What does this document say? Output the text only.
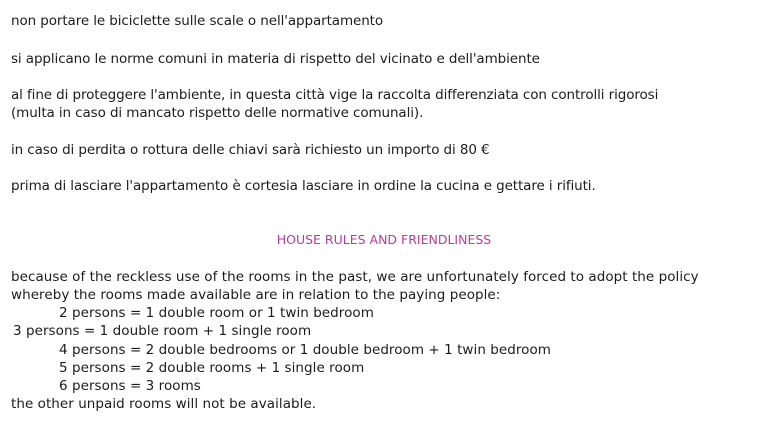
non portare le biciclette sulle scale o nell'appartamento
si applicano le norme comuni in materia di rispetto del vicinato e dell'ambiente
al fine di proteggere l'ambiente, in questa città vige la raccolta differenziata con controlli rigorosi
(multa in caso di mancato rispetto delle normative comunali).
in caso di perdita o rottura delle chiavi sarà richiesto un importo di 80 €
prima di lasciare l'appartamento è cortesia lasciare in ordine la cucina e gettare i rifiuti.
HOUSE RULES AND FRIENDLINESS
because of the reckless use of the rooms in the past, we are unfortunately forced to adopt the policy
whereby the rooms made available are in relation to the paying people:
2 persons = 1 double room or 1 twin bedroom
3 persons = 1 double room + 1 single room
4 persons = 2 double bedrooms or 1 double bedroom + 1 twin bedroom
5 persons = 2 double rooms + 1 single room
6 persons = 3 rooms
the other unpaid rooms will not be available.
